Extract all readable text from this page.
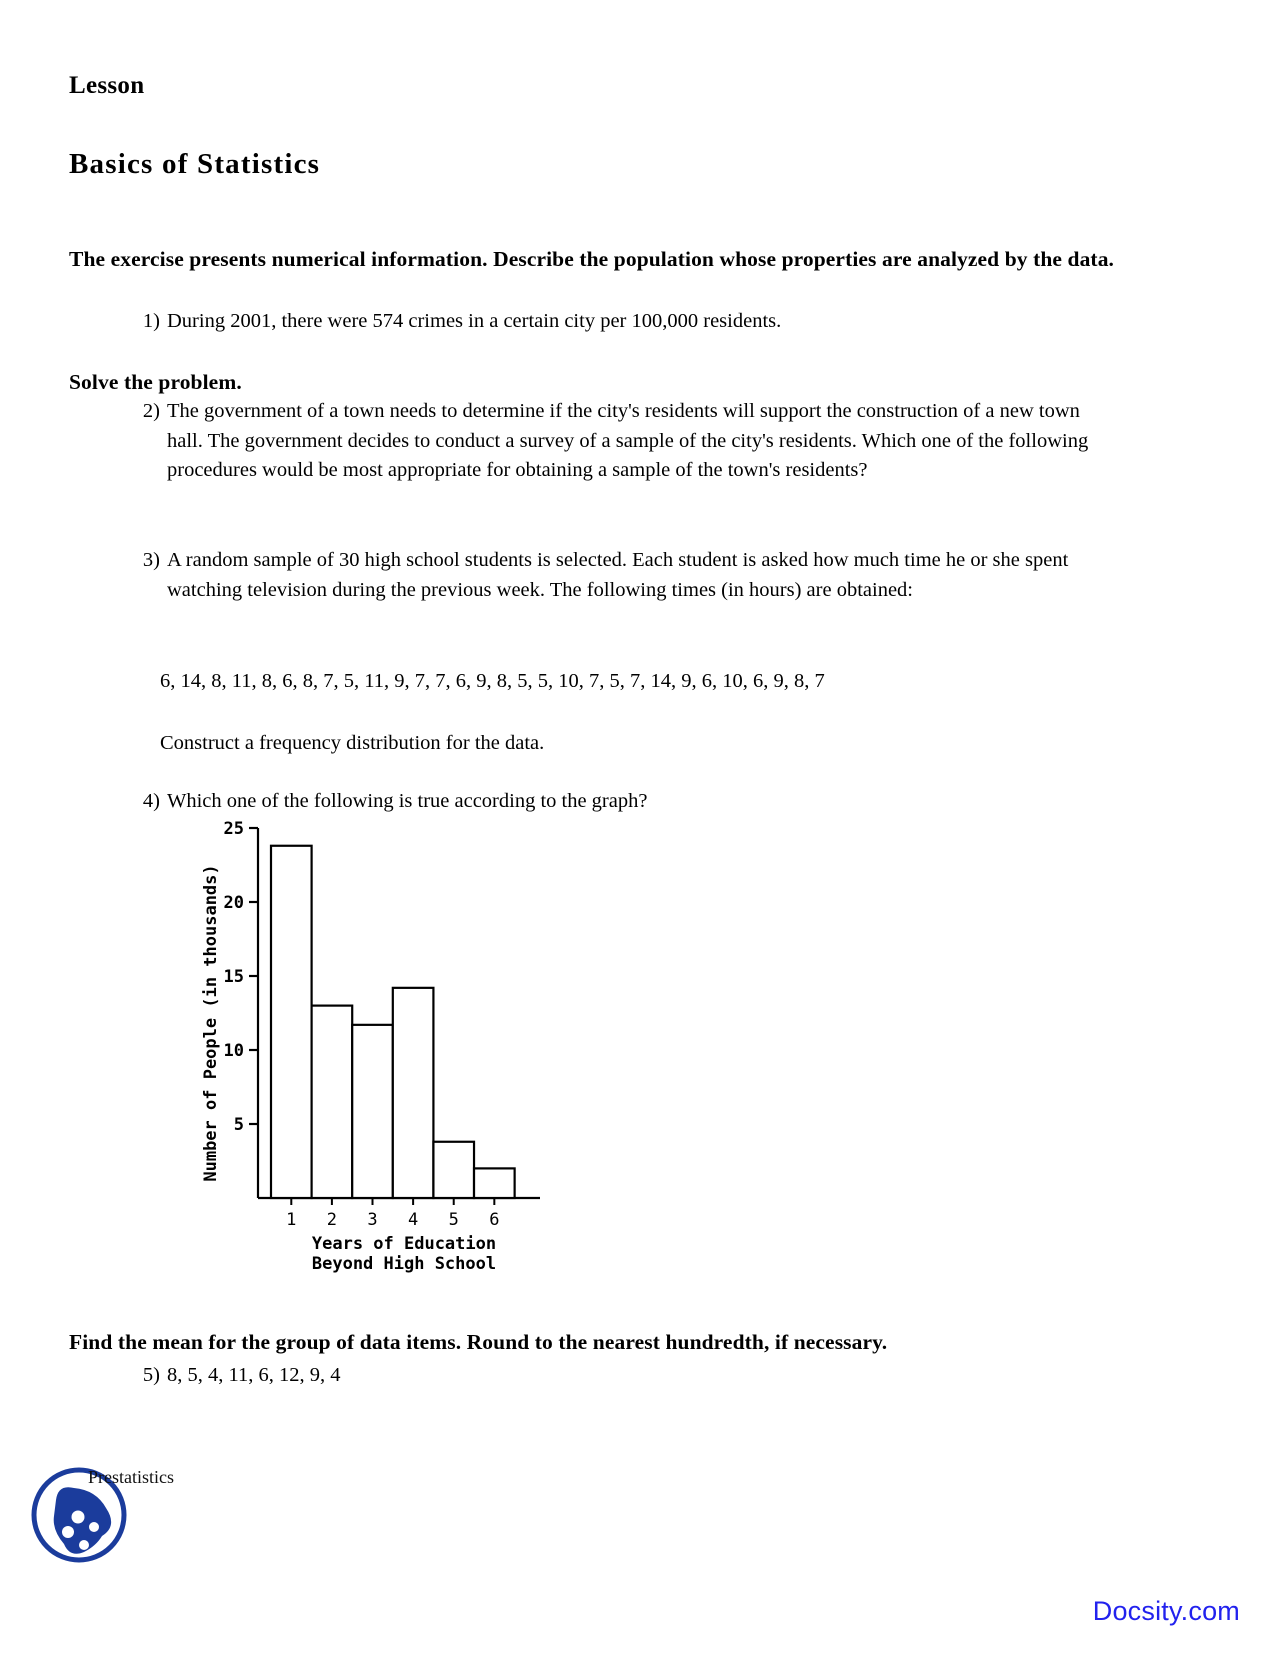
Lesson
Basics of Statistics
The exercise presents numerical information. Describe the population whose properties are analyzed by the data.
1) During 2001, there were 574 crimes in a certain city per 100,000 residents.
Solve the problem.
2) The government of a town needs to determine if the city's residents will support the construction of a new town hall. The government decides to conduct a survey of a sample of the city's residents. Which one of the following procedures would be most appropriate for obtaining a sample of the town's residents?
3) A random sample of 30 high school students is selected. Each student is asked how much time he or she spent watching television during the previous week. The following times (in hours) are obtained:
6, 14, 8, 11, 8, 6, 8, 7, 5, 11, 9, 7, 7, 6, 9, 8, 5, 5, 10, 7, 5, 7, 14, 9, 6, 10, 6, 9, 8, 7
Construct a frequency distribution for the data.
4) Which one of the following is true according to the graph?
25
20
15
10
5
1 2 3 4 5 6
Years of Education
Beyond High School
Number of People (in thousands)
Find the mean for the group of data items. Round to the nearest hundredth, if necessary.
5) 8, 5, 4, 11, 6, 12, 9, 4
Prestatistics
Docsity.com
